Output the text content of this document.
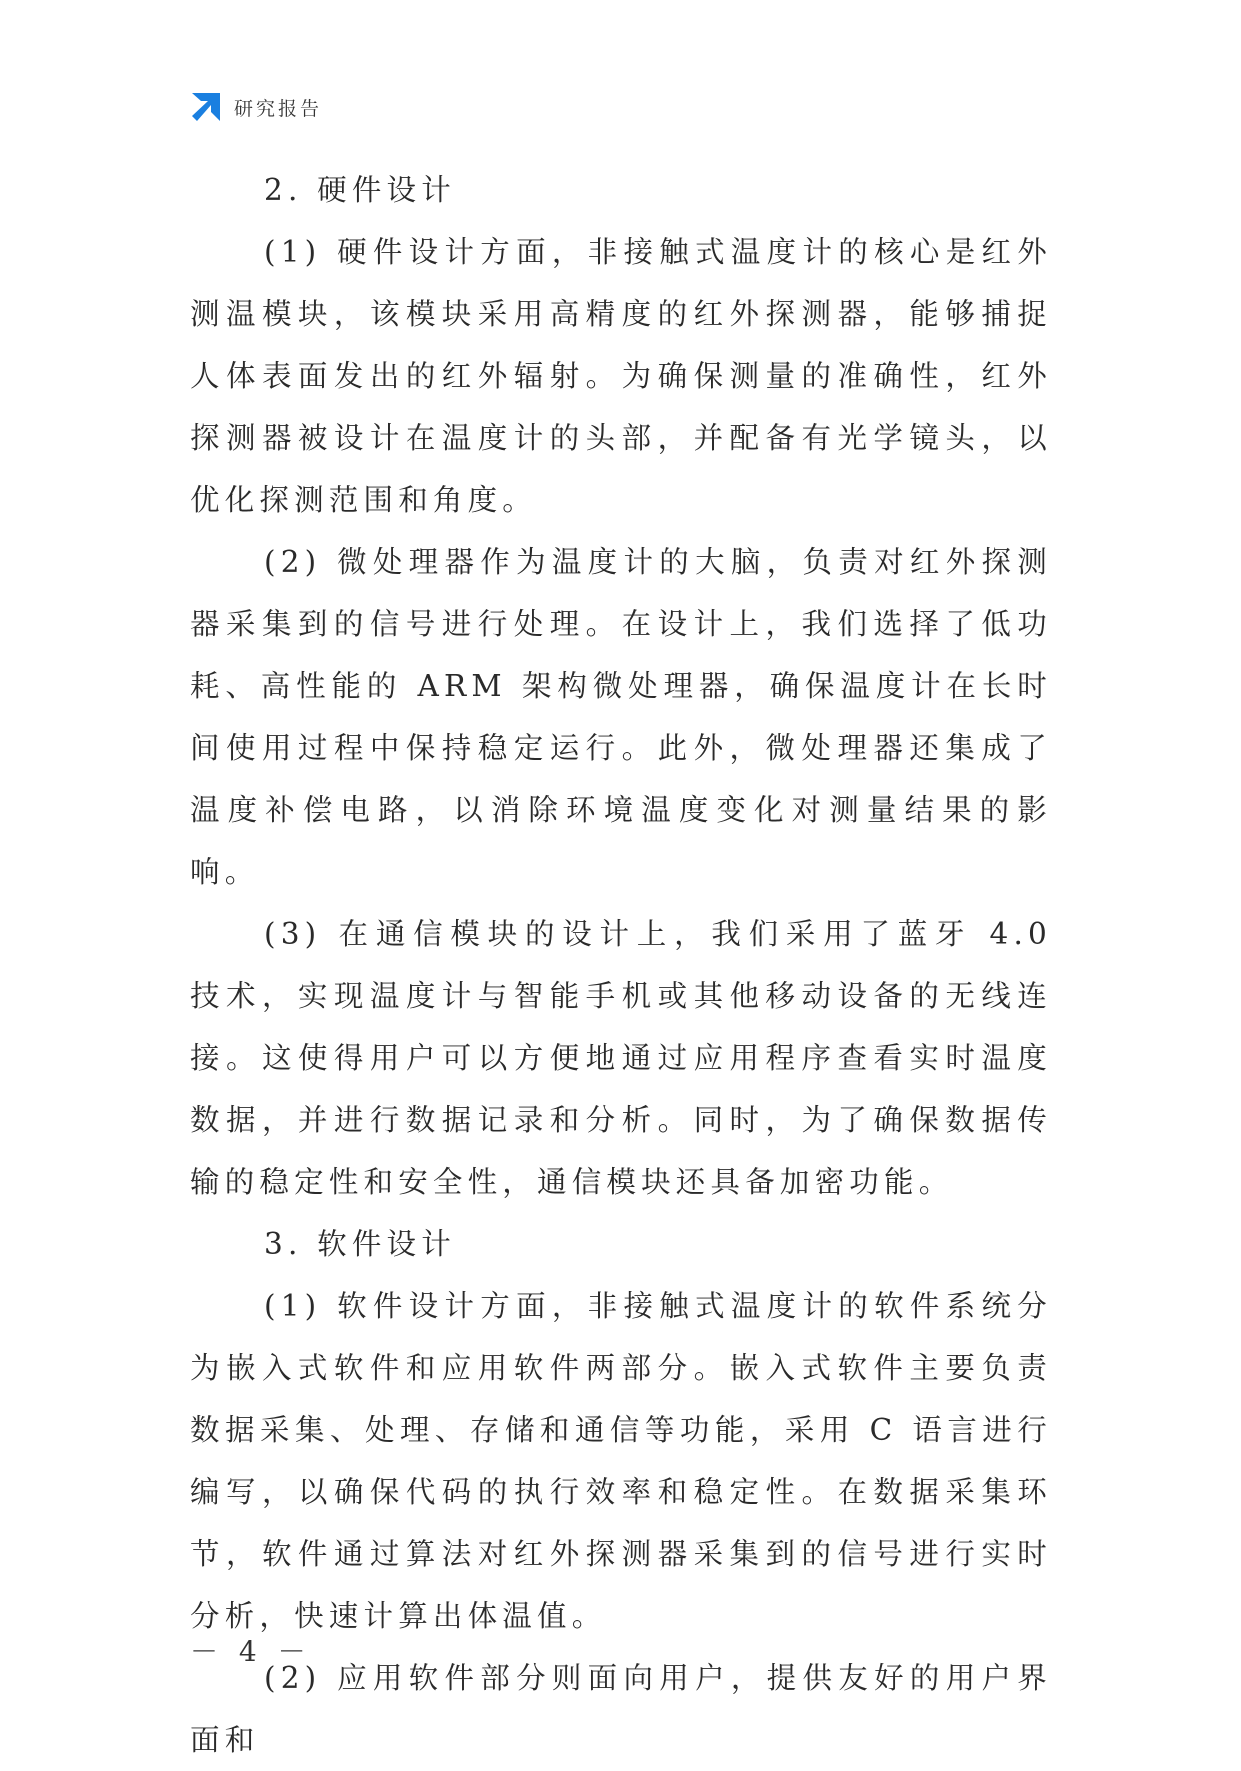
研究报告

2. 硬件设计

(1) 硬件设计方面，非接触式温度计的核心是红外测温模块，该模块采用高精度的红外探测器，能够捕捉人体表面发出的红外辐射。为确保测量的准确性，红外探测器被设计在温度计的头部，并配备有光学镜头，以优化探测范围和角度。

(2) 微处理器作为温度计的大脑，负责对红外探测器采集到的信号进行处理。在设计上，我们选择了低功耗、高性能的 ARM 架构微处理器，确保温度计在长时间使用过程中保持稳定运行。此外，微处理器还集成了温度补偿电路，以消除环境温度变化对测量结果的影响。

(3) 在通信模块的设计上，我们采用了蓝牙 4.0 技术，实现温度计与智能手机或其他移动设备的无线连接。这使得用户可以方便地通过应用程序查看实时温度数据，并进行数据记录和分析。同时，为了确保数据传输的稳定性和安全性，通信模块还具备加密功能。

3. 软件设计

(1) 软件设计方面，非接触式温度计的软件系统分为嵌入式软件和应用软件两部分。嵌入式软件主要负责数据采集、处理、存储和通信等功能，采用 C 语言进行编写，以确保代码的执行效率和稳定性。在数据采集环节，软件通过算法对红外探测器采集到的信号进行实时分析，快速计算出体温值。

(2) 应用软件部分则面向用户，提供友好的用户界面和

－ 4 －
